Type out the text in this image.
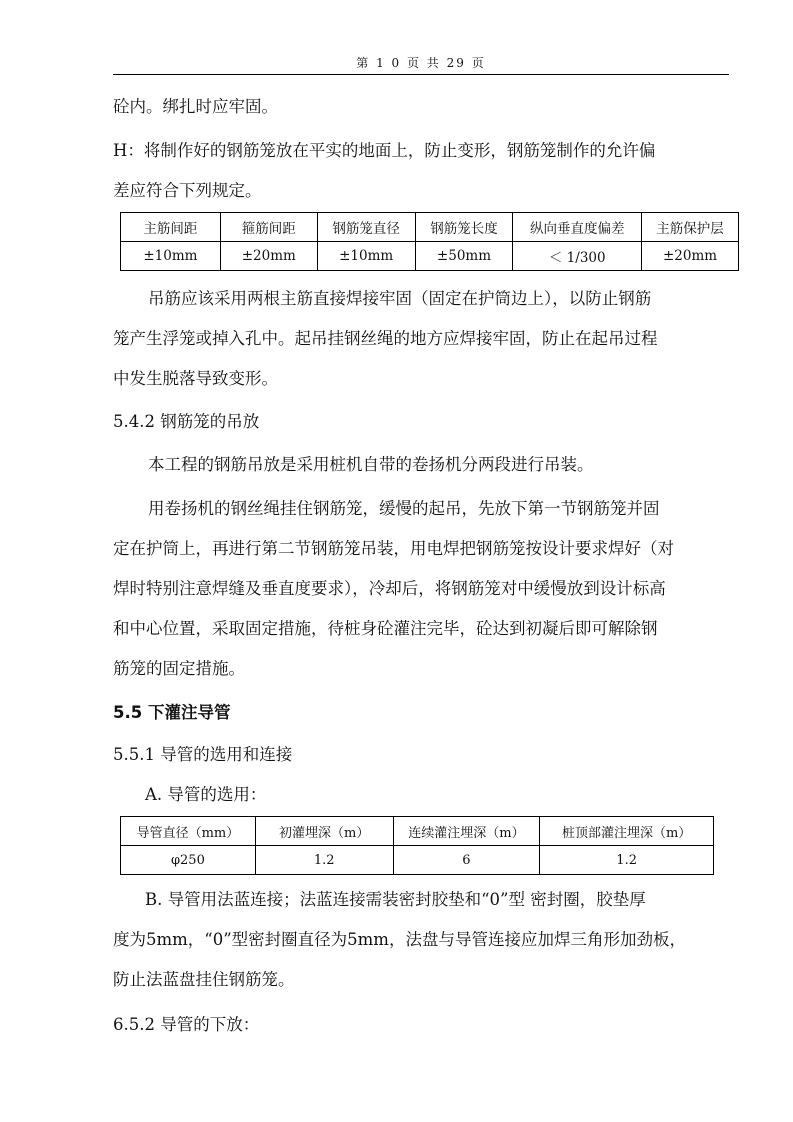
第 1 0 页 共 29 页
砼内。绑扎时应牢固。
H：将制作好的钢筋笼放在平实的地面上，防止变形，钢筋笼制作的允许偏
差应符合下列规定。
主筋间距	箍筋间距	钢筋笼直径	钢筋笼长度	纵向垂直度偏差	主筋保护层
±10mm	±20mm	±10mm	±50mm	＜ 1/300	±20mm
吊筋应该采用两根主筋直接焊接牢固（固定在护筒边上），以防止钢筋
笼产生浮笼或掉入孔中。起吊挂钢丝绳的地方应焊接牢固，防止在起吊过程
中发生脱落导致变形。
5.4.2 钢筋笼的吊放
本工程的钢筋吊放是采用桩机自带的卷扬机分两段进行吊装。
用卷扬机的钢丝绳挂住钢筋笼，缓慢的起吊，先放下第一节钢筋笼并固
定在护筒上，再进行第二节钢筋笼吊装，用电焊把钢筋笼按设计要求焊好（对
焊时特别注意焊缝及垂直度要求），冷却后，将钢筋笼对中缓慢放到设计标高
和中心位置，采取固定措施，待桩身砼灌注完毕，砼达到初凝后即可解除钢
筋笼的固定措施。
5.5 下灌注导管
5.5.1 导管的选用和连接
A. 导管的选用：
导管直径（mm）	初灌埋深（m）	连续灌注埋深（m）	桩顶部灌注埋深（m）
φ250	1.2	6	1.2
B. 导管用法蓝连接；法蓝连接需装密封胶垫和“0”型 密封圈，胶垫厚
度为5mm，“0”型密封圈直径为5mm，法盘与导管连接应加焊三角形加劲板，
防止法蓝盘挂住钢筋笼。
6.5.2 导管的下放：
